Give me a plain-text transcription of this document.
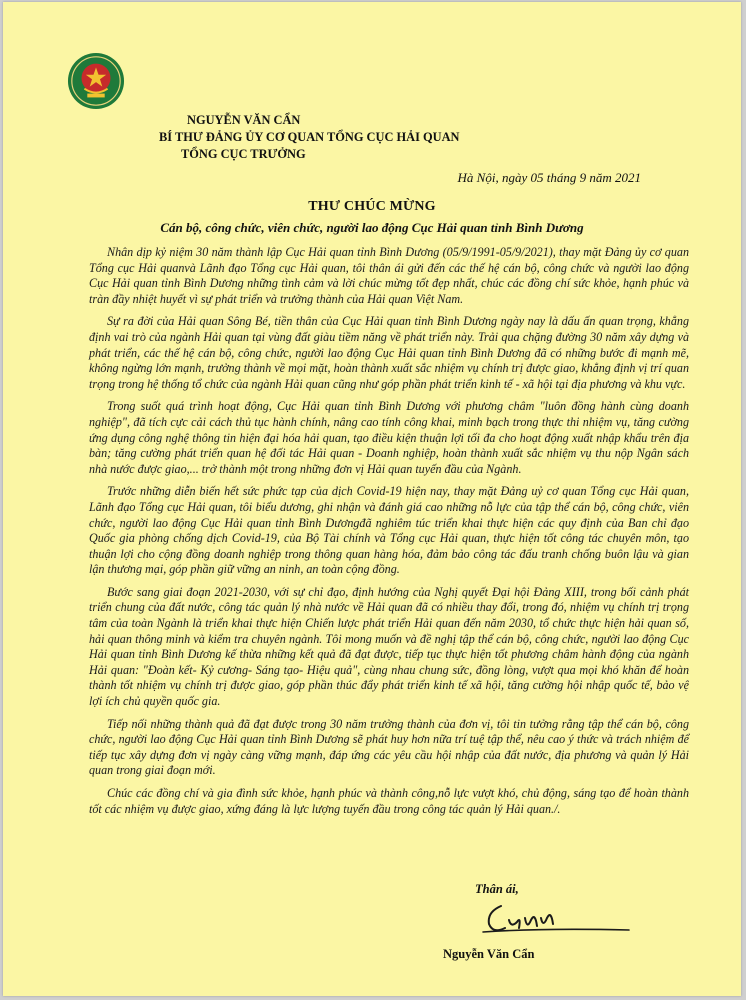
NGUYỄN VĂN CẨN
BÍ THƯ ĐẢNG ỦY CƠ QUAN TỔNG CỤC HẢI QUAN
TỔNG CỤC TRƯỞNG
Hà Nội, ngày 05 tháng 9 năm 2021
THƯ CHÚC MỪNG
Cán bộ, công chức, viên chức, người lao động Cục Hải quan tỉnh Bình Dương

Nhân dịp kỷ niệm 30 năm thành lập Cục Hải quan tỉnh Bình Dương (05/9/1991-05/9/2021), thay mặt Đảng ủy cơ quan Tổng cục Hải quanvà Lãnh đạo Tổng cục Hải quan, tôi thân ái gửi đến các thế hệ cán bộ, công chức và người lao động Cục Hải quan tỉnh Bình Dương những tình cảm và lời chúc mừng tốt đẹp nhất, chúc các đồng chí sức khỏe, hạnh phúc và tràn đầy nhiệt huyết vì sự phát triển và trưởng thành của Hải quan Việt Nam.

Sự ra đời của Hải quan Sông Bé, tiền thân của Cục Hải quan tỉnh Bình Dương ngày nay là dấu ấn quan trọng, khẳng định vai trò của ngành Hải quan tại vùng đất giàu tiềm năng về phát triển này. Trải qua chặng đường 30 năm xây dựng và phát triển, các thế hệ cán bộ, công chức, người lao động Cục Hải quan tỉnh Bình Dương đã có những bước đi mạnh mẽ, không ngừng lớn mạnh, trưởng thành về mọi mặt, hoàn thành xuất sắc nhiệm vụ chính trị được giao, khẳng định vị trí quan trọng trong hệ thống tổ chức của ngành Hải quan cũng như góp phần phát triển kinh tế - xã hội tại địa phương và khu vực.

Trong suốt quá trình hoạt động, Cục Hải quan tỉnh Bình Dương với phương châm "luôn đồng hành cùng doanh nghiệp", đã tích cực cải cách thủ tục hành chính, nâng cao tính công khai, minh bạch trong thực thi nhiệm vụ, tăng cường ứng dụng công nghệ thông tin hiện đại hóa hải quan, tạo điều kiện thuận lợi tối đa cho hoạt động xuất nhập khẩu trên địa bàn; tăng cường phát triển quan hệ đối tác Hải quan - Doanh nghiệp, hoàn thành xuất sắc nhiệm vụ thu nộp Ngân sách nhà nước được giao,... trở thành một trong những đơn vị Hải quan tuyến đầu của Ngành.

Trước những diễn biến hết sức phức tạp của dịch Covid-19 hiện nay, thay mặt Đảng uỷ cơ quan Tổng cục Hải quan, Lãnh đạo Tổng cục Hải quan, tôi biểu dương, ghi nhận và đánh giá cao những nỗ lực của tập thể cán bộ, công chức, viên chức, người lao động Cục Hải quan tỉnh Bình Dươngđã nghiêm túc triển khai thực hiện các quy định của Ban chỉ đạo Quốc gia phòng chống dịch Covid-19, của Bộ Tài chính và Tổng cục Hải quan, thực hiện tốt công tác chuyên môn, tạo thuận lợi cho cộng đồng doanh nghiệp trong thông quan hàng hóa, đảm bảo công tác đấu tranh chống buôn lậu và gian lận thương mại, góp phần giữ vững an ninh, an toàn cộng đồng.

Bước sang giai đoạn 2021-2030, với sự chỉ đạo, định hướng của Nghị quyết Đại hội Đảng XIII, trong bối cảnh phát triển chung của đất nước, công tác quản lý nhà nước về Hải quan đã có nhiều thay đổi, trong đó, nhiệm vụ chính trị trọng tâm của toàn Ngành là triển khai thực hiện Chiến lược phát triển Hải quan đến năm 2030, tổ chức thực hiện hải quan số, hải quan thông minh và kiểm tra chuyên ngành. Tôi mong muốn và đề nghị tập thể cán bộ, công chức, người lao động Cục Hải quan tỉnh Bình Dương kế thừa những kết quả đã đạt được, tiếp tục thực hiện tốt phương châm hành động của ngành Hải quan: "Đoàn kết- Kỷ cương- Sáng tạo- Hiệu quả", cùng nhau chung sức, đồng lòng, vượt qua mọi khó khăn để hoàn thành tốt nhiệm vụ chính trị được giao, góp phần thúc đẩy phát triển kinh tế xã hội, tăng cường hội nhập quốc tế, bảo vệ lợi ích chủ quyền quốc gia.

Tiếp nối những thành quả đã đạt được trong 30 năm trưởng thành của đơn vị, tôi tin tưởng rằng tập thể cán bộ, công chức, người lao động Cục Hải quan tỉnh Bình Dương sẽ phát huy hơn nữa trí tuệ tập thể, nêu cao ý thức và trách nhiệm để tiếp tục xây dựng đơn vị ngày càng vững mạnh, đáp ứng các yêu cầu hội nhập của đất nước, địa phương và quản lý Hải quan trong giai đoạn mới.

Chúc các đồng chí và gia đình sức khỏe, hạnh phúc và thành công,nỗ lực vượt khó, chủ động, sáng tạo để hoàn thành tốt các nhiệm vụ được giao, xứng đáng là lực lượng tuyến đầu trong công tác quản lý Hải quan./.

Thân ái,
Nguyễn Văn Cẩn
